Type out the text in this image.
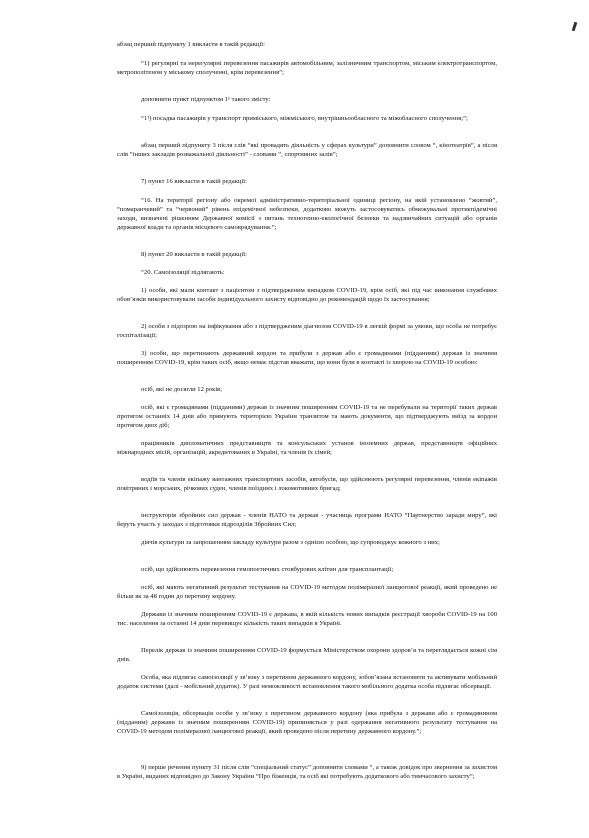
абзац перший підпункту 1 викласти в такій редакції:

“1) регулярні та нерегулярні перевезення пасажирів автомобільним, залізничним транспортом, міським електротранспортом, метрополітеном у міському сполученні, крім перевезення”;

доповнити пункт підпунктом 1¹ такого змісту:

“1¹) посадка пасажирів у транспорт приміського, міжміського, внутрішньообласного та міжобласного сполучення;”;

абзац перший підпункту 3 після слів “які провадять діяльність у сферах культури” доповнити словом “, кінотеатрів”, а після слів “інших закладів розважальної діяльності” - словами “, спортивних залів”;

7) пункт 16 викласти в такій редакції:

“16. На території регіону або окремої адміністративно-територіальної одиниці регіону, на якій установлено “жовтий”, “помаранчевий” та “червоний” рівень епідемічної небезпеки, додатково можуть застосовуватись обмежувальні протиепідемічні заходи, визначені рішенням Державної комісії з питань техногенно-екологічної безпеки та надзвичайних ситуацій або органів державної влади та органів місцевого самоврядування.”;

8) пункт 20 викласти в такій редакції:

“20. Самоізоляції підлягають:

1) особи, які мали контакт з пацієнтом з підтвердженим випадком COVID-19, крім осіб, які під час виконання службових обов’язків використовували засоби індивідуального захисту відповідно до рекомендацій щодо їх застосування;

2) особи з підозрою на інфікування або з підтвердженим діагнозом COVID-19 в легкій формі за умови, що особа не потребує госпіталізації;

3) особи, що перетинають державний кордон та прибули з держав або є громадянами (підданими) держав із значним поширенням COVID-19, крім таких осіб, якщо немає підстав вважати, що вони були в контакті із хворою на COVID-19 особою:

осіб, які не досягли 12 років;

осіб, які є громадянами (підданими) держав із значним поширенням COVID-19 та не перебували на території таких держав протягом останніх 14 днів або прямують територією України транзитом та мають документи, що підтверджують виїзд за кордон протягом двох діб;

працівників дипломатичних представництв та консульських установ іноземних держав, представництв офіційних міжнародних місій, організацій, акредитованих в Україні, та членів їх сімей;

водіїв та членів екіпажу вантажних транспортних засобів, автобусів, що здійснюють регулярні перевезення, членів екіпажів повітряних і морських, річкових суден, членів поїздних і локомотивних бригад;

інструкторів збройних сил держав - членів НАТО та держав - учасниць програми НАТО “Партнерство заради миру”, які беруть участь у заходах з підготовки підрозділів Збройних Сил;

діячів культури за запрошенням закладу культури разом з однією особою, що супроводжує кожного з них;

осіб, що здійснюють перевезення гемопоетичних стовбурових клітин для трансплантації;

осіб, які мають негативний результат тестування на COVID-19 методом полімеразної ланцюгової реакції, який проведено не більш як за 48 годин до перетину кордону.

Держави із значним поширенням COVID-19 є держава, в якій кількість нових випадків реєстрації хвороби COVID-19 на 100 тис. населення за останні 14 днів перевищує кількість таких випадків в Україні.

Перелік держав із значним поширенням COVID-19 формується Міністерством охорони здоров’я та переглядається кожні сім днів.

Особа, яка підлягає самоізоляції у зв’язку з перетином державного кордону, зобов’язана встановити та активувати мобільний додаток системи (далі - мобільний додаток). У разі неможливості встановлення такого мобільного додатка особа підлягає обсервації.

Самоізоляція, обсервація особи у зв’язку з перетином державного кордону (яка прибула з держави або є громадянином (підданим) держави із значним поширенням COVID-19) припиняється у разі одержання негативного результату тестування на COVID-19 методом полімеразної ланцюгової реакції, який проведено після перетину державного кордону.”;

9) перше речення пункту 31 після слів “спеціальний статус” доповнити словами “, а також довідок про звернення за захистом в Україні, виданих відповідно до Закону України “Про біженців, та осіб які потребують додаткового або тимчасового захисту”;
